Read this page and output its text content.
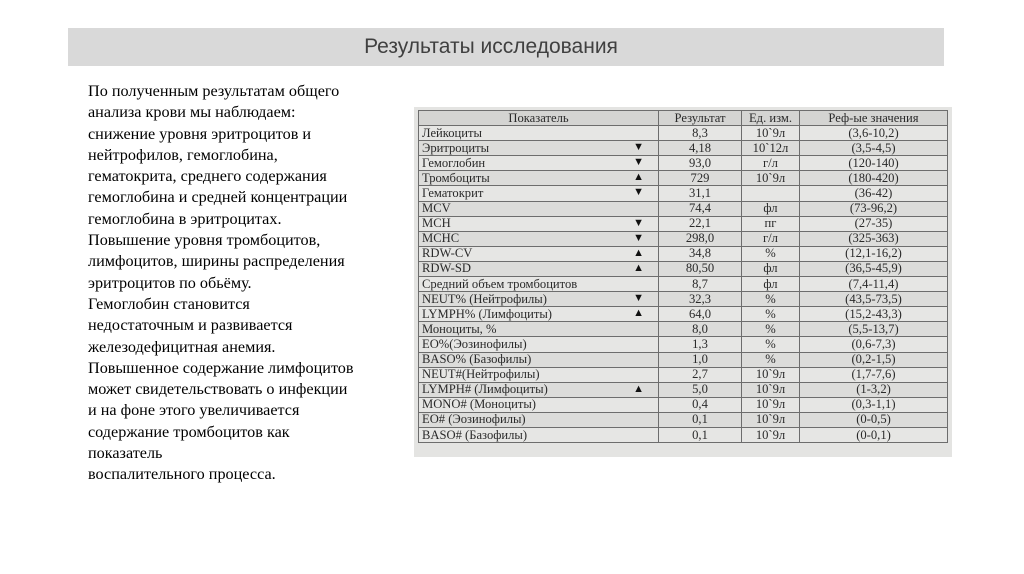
Результаты исследования
По полученным результатам общего
анализа крови мы наблюдаем:
снижение уровня эритроцитов и
нейтрофилов, гемоглобина,
гематокрита, среднего содержания
гемоглобина и средней концентрации
гемоглобина в эритроцитах.
Повышение уровня тромбоцитов,
лимфоцитов, ширины распределения
эритроцитов по обьёму.
Гемоглобин становится
недостаточным и развивается
железодефицитная анемия.
Повышенное содержание лимфоцитов
может свидетельствовать о инфекции
и на фоне этого увеличивается
содержание тромбоцитов как
показатель
воспалительного процесса.
Показатель	Результат	Ед. изм.	Реф-ые значения
Лейкоциты	8,3	10`9л	(3,6-10,2)
Эритроциты ▼	4,18	10`12л	(3,5-4,5)
Гемоглобин ▼	93,0	г/л	(120-140)
Тромбоциты ▲	729	10`9л	(180-420)
Гематокрит ▼	31,1		(36-42)
MCV	74,4	фл	(73-96,2)
MCH ▼	22,1	пг	(27-35)
MCHC ▼	298,0	г/л	(325-363)
RDW-CV ▲	34,8	%	(12,1-16,2)
RDW-SD ▲	80,50	фл	(36,5-45,9)
Средний объем тромбоцитов	8,7	фл	(7,4-11,4)
NEUT% (Нейтрофилы) ▼	32,3	%	(43,5-73,5)
LYMPH% (Лимфоциты) ▲	64,0	%	(15,2-43,3)
Моноциты, %	8,0	%	(5,5-13,7)
EO%(Эозинофилы)	1,3	%	(0,6-7,3)
BASO% (Базофилы)	1,0	%	(0,2-1,5)
NEUT#(Нейтрофилы)	2,7	10`9л	(1,7-7,6)
LYMPH# (Лимфоциты) ▲	5,0	10`9л	(1-3,2)
MONO# (Моноциты)	0,4	10`9л	(0,3-1,1)
EO# (Эозинофилы)	0,1	10`9л	(0-0,5)
BASO# (Базофилы)	0,1	10`9л	(0-0,1)
